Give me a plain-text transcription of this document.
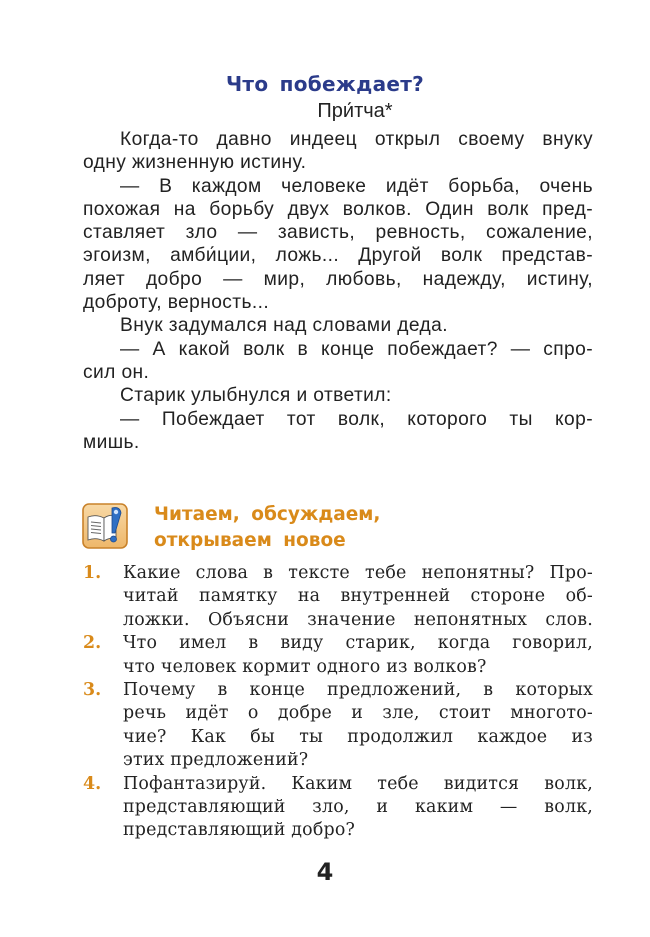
Что побеждает?
При́тча*
Когда-то давно индеец открыл своему внуку
одну жизненную истину.
— В каждом человеке идёт борьба, очень
похожая на борьбу двух волков. Один волк пред-
ставляет зло — зависть, ревность, сожаление,
эгоизм, амби́ции, ложь... Другой волк представ-
ляет добро — мир, любовь, надежду, истину,
доброту, верность...
Внук задумался над словами деда.
— А какой волк в конце побеждает? — спро-
сил он.
Старик улыбнулся и ответил:
— Побеждает тот волк, которого ты кор-
мишь.
Читаем, обсуждаем,
открываем новое
1. Какие слова в тексте тебе непонятны? Про-
читай памятку на внутренней стороне об-
ложки. Объясни значение непонятных слов.
2. Что имел в виду старик, когда говорил,
что человек кормит одного из волков?
3. Почему в конце предложений, в которых
речь идёт о добре и зле, стоит многото-
чие? Как бы ты продолжил каждое из
этих предложений?
4. Пофантазируй. Каким тебе видится волк,
представляющий зло, и каким — волк,
представляющий добро?
4
